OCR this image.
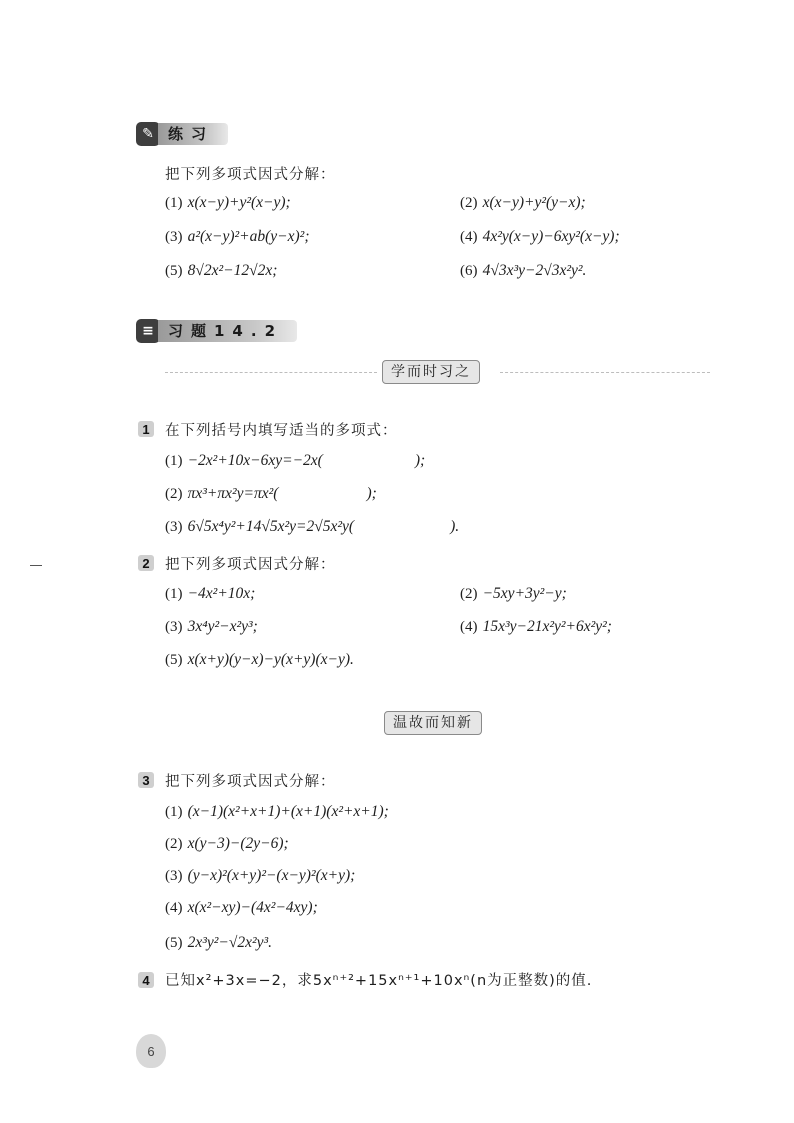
✎ 练习
把下列多项式因式分解：
(1) x(x−y)+y²(x−y);	(2) x(x−y)+y²(y−x);
(3) a²(x−y)²+ab(y−x)²;	(4) 4x²y(x−y)−6xy²(x−y);
(5) 8√2x²−12√2x;	(6) 4√3x³y−2√3x²y².
≡ 习题14.2
学而时习之
1	在下列括号内填写适当的多项式：
(1) −2x²+10x−6xy=−2x(	);
(2) πx³+πx²y=πx²(	);
(3) 6√5x⁴y²+14√5x²y=2√5x²y(	).
2	把下列多项式因式分解：
(1) −4x²+10x;	(2) −5xy+3y²−y;
(3) 3x⁴y²−x²y³;	(4) 15x³y−21x²y²+6x²y²;
(5) x(x+y)(y−x)−y(x+y)(x−y).
温故而知新
3	把下列多项式因式分解：
(1) (x−1)(x²+x+1)+(x+1)(x²+x+1);
(2) x(y−3)−(2y−6);
(3) (y−x)²(x+y)²−(x−y)²(x+y);
(4) x(x²−xy)−(4x²−4xy);
(5) 2x³y²−√2x²y³.
4	已知x²+3x=−2，求5xⁿ⁺²+15xⁿ⁺¹+10xⁿ(n为正整数)的值.
6
